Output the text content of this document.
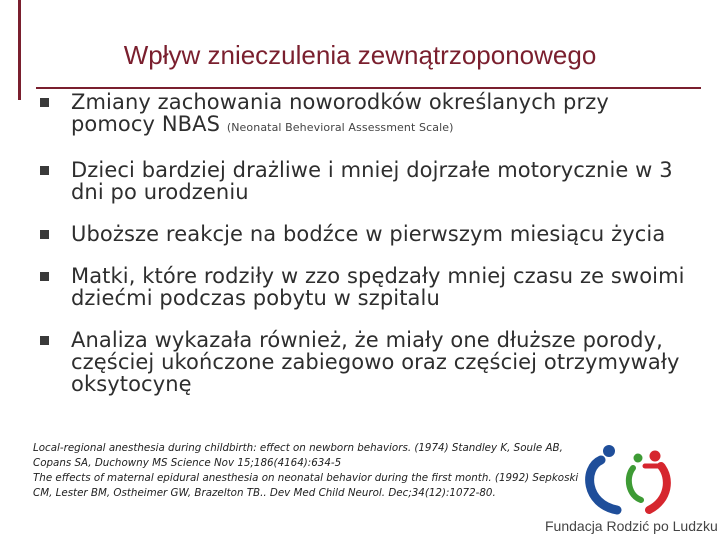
Wpływ znieczulenia zewnątrzoponowego
Zmiany zachowania noworodków określanych przy pomocy NBAS (Neonatal Behevioral Assessment Scale)
Dzieci bardziej drażliwe i mniej dojrzałe motorycznie w 3 dni po urodzeniu
Uboższe reakcje na bodźce w pierwszym miesiącu życia
Matki, które rodziły w zzo spędzały mniej czasu ze swoimi dziećmi podczas pobytu w szpitalu
Analiza wykazała również, że miały one dłuższe porody, częściej ukończone zabiegowo oraz częściej otrzymywały oksytocynę

Local-regional anesthesia during childbirth: effect on newborn behaviors. (1974) Standley K, Soule AB, Copans SA, Duchowny MS Science Nov 15;186(4164):634-5

The effects of maternal epidural anesthesia on neonatal behavior during the first month. (1992) Sepkoski CM, Lester BM, Ostheimer GW, Brazelton TB.. Dev Med Child Neurol. Dec;34(12):1072-80.

Fundacja Rodzić po Ludzku
